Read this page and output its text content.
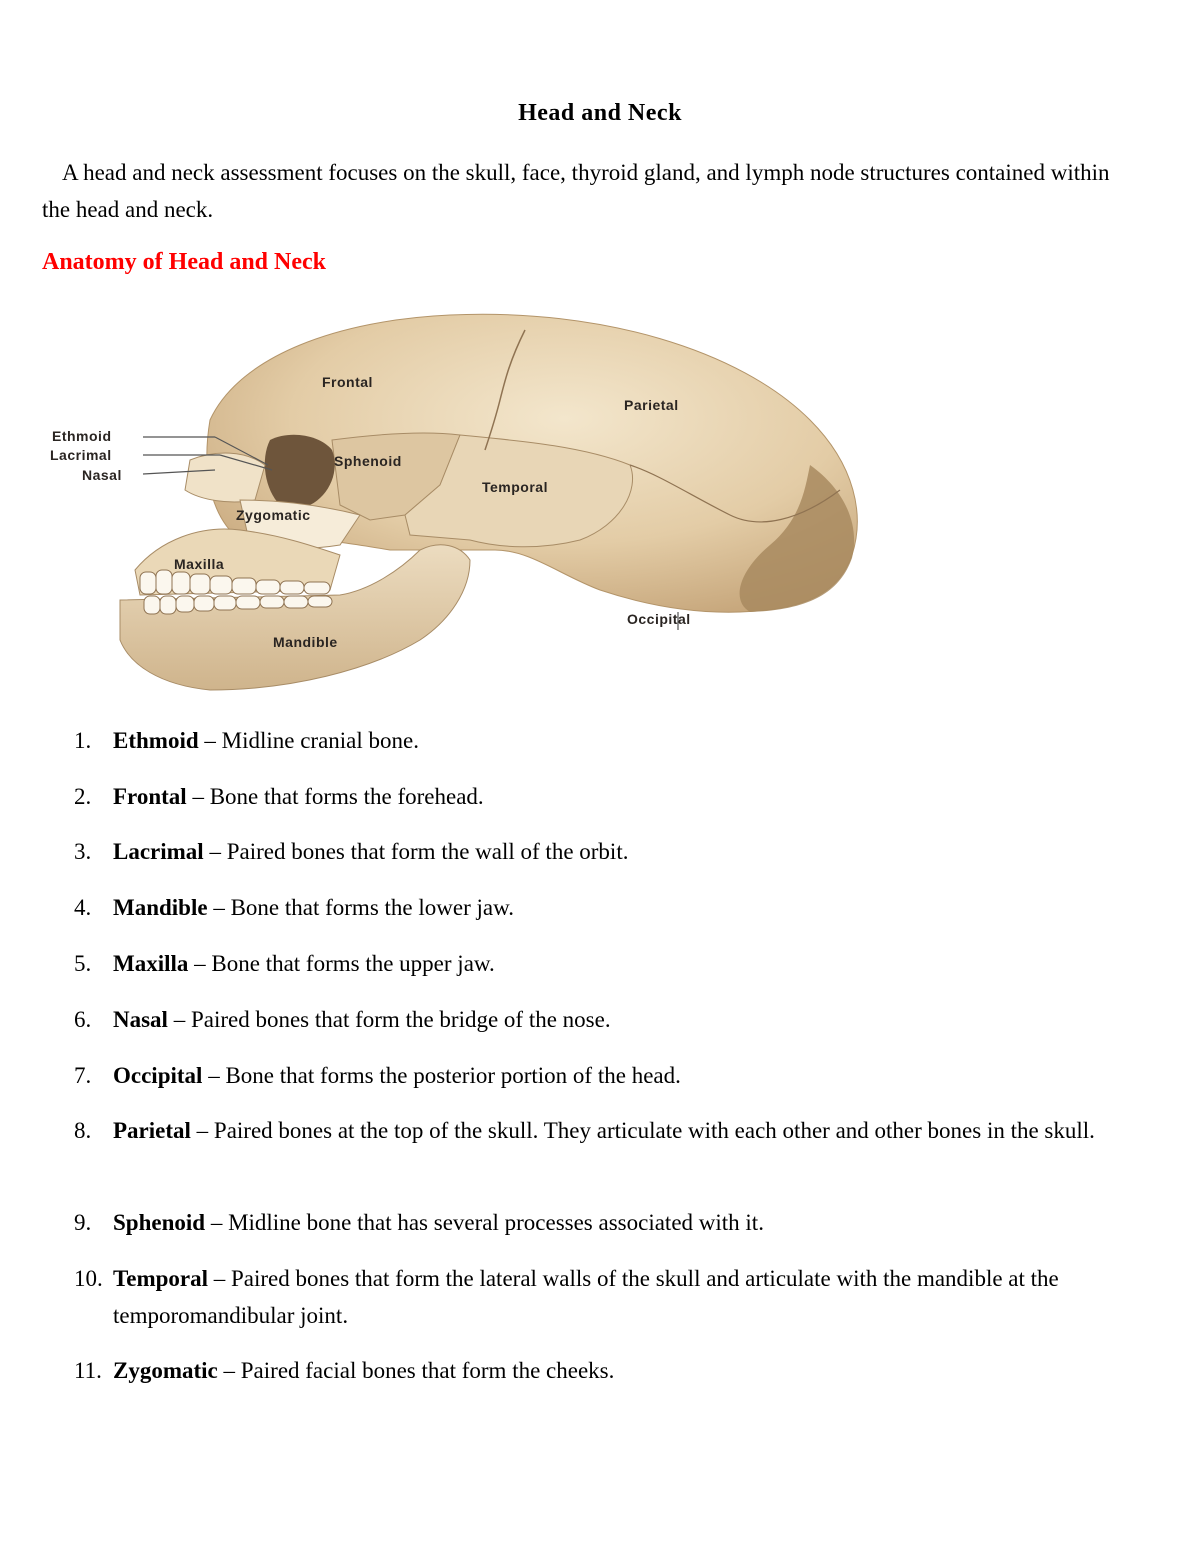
Head and Neck
A head and neck assessment focuses on the skull, face, thyroid gland, and lymph node structures contained within the head and neck.
Anatomy of Head and Neck
Frontal
Parietal
Ethmoid
Lacrimal
Nasal
Sphenoid
Temporal
Zygomatic
Maxilla
Mandible
Occipital
1. Ethmoid – Midline cranial bone.
2. Frontal – Bone that forms the forehead.
3. Lacrimal – Paired bones that form the wall of the orbit.
4. Mandible – Bone that forms the lower jaw.
5. Maxilla – Bone that forms the upper jaw.
6. Nasal – Paired bones that form the bridge of the nose.
7. Occipital – Bone that forms the posterior portion of the head.
8. Parietal – Paired bones at the top of the skull. They articulate with each other and other bones in the skull.
9. Sphenoid – Midline bone that has several processes associated with it.
10. Temporal – Paired bones that form the lateral walls of the skull and articulate with the mandible at the temporomandibular joint.
11. Zygomatic – Paired facial bones that form the cheeks.
